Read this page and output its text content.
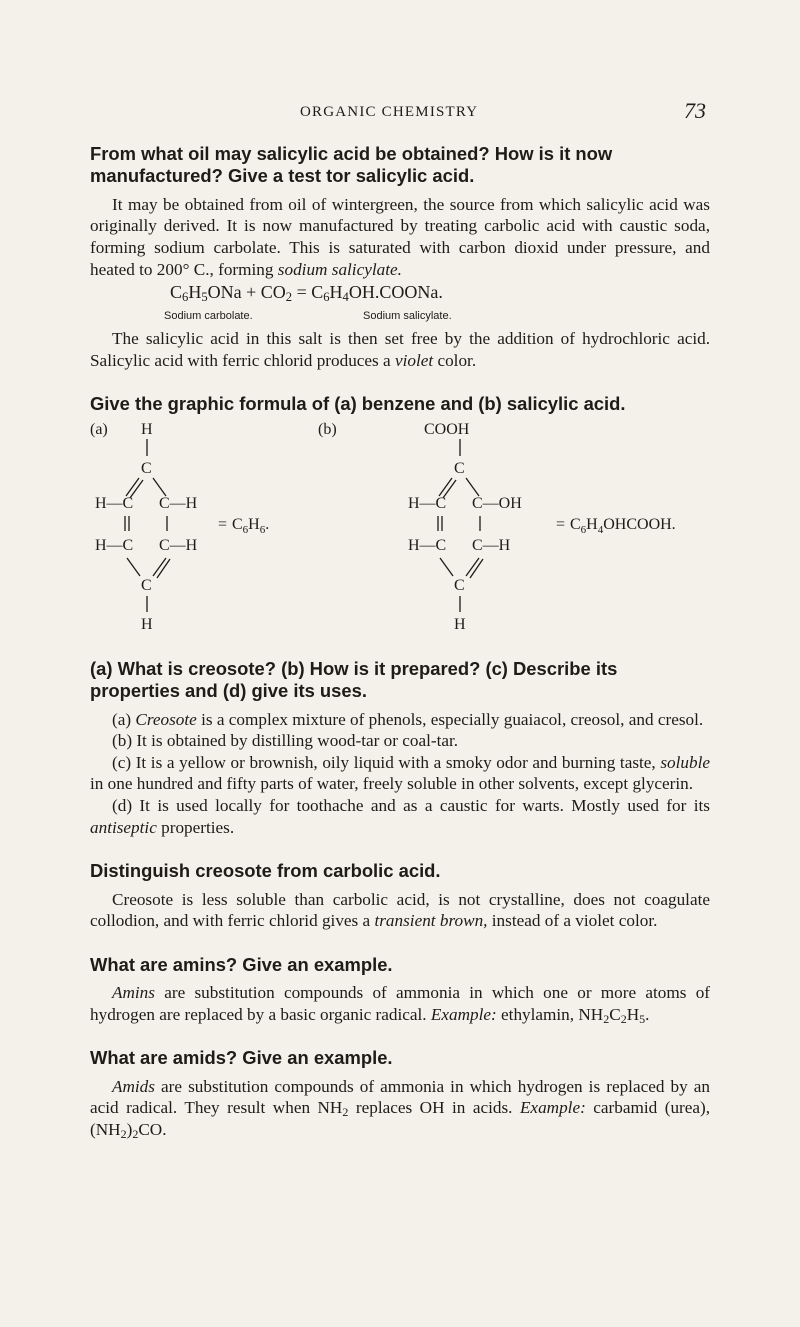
ORGANIC CHEMISTRY	73
From what oil may salicylic acid be obtained? How is it now manufactured? Give a test tor salicylic acid.

It may be obtained from oil of wintergreen, the source from which salicylic acid was originally derived. It is now manufactured by treating carbolic acid with caustic soda, forming sodium carbolate. This is saturated with carbon dioxid under pressure, and heated to 200° C., forming sodium salicylate.

$C_6H_5ONa + CO_2$ = $C_6H_4OH.COONa$.
Sodium carbolate.	Sodium salicylate.

The salicylic acid in this salt is then set free by the addition of hydrochloric acid. Salicylic acid with ferric chlorid produces a violet color.

Give the graphic formula of (a) benzene and (b) salicylic acid.
(a) H
C
H—C C—H
= $C_6H_6$.
H—C C—H
C
H
(b)	COOH
C
H—C C—OH
= $C_6H_4OHCOOH$.
H—C C—H
C
H
(a) What is creosote? (b) How is it prepared? (c) Describe its properties and (d) give its uses.

(a) Creosote is a complex mixture of phenols, especially guaiacol, creosol, and cresol.

(b) It is obtained by distilling wood-tar or coal-tar.

(c) It is a yellow or brownish, oily liquid with a smoky odor and burning taste, soluble in one hundred and fifty parts of water, freely soluble in other solvents, except glycerin.

(d) It is used locally for toothache and as a caustic for warts. Mostly used for its antiseptic properties.

Distinguish creosote from carbolic acid.

Creosote is less soluble than carbolic acid, is not crystalline, does not coagulate collodion, and with ferric chlorid gives a transient brown, instead of a violet color.

What are amins? Give an example.

Amins are substitution compounds of ammonia in which one or more atoms of hydrogen are replaced by a basic organic radical. Example: ethylamin, $NH_2C_2H_5$.

What are amids? Give an example.

Amids are substitution compounds of ammonia in which hydrogen is replaced by an acid radical. They result when $NH_2$ replaces OH in acids. Example: carbamid (urea), $(NH_2)_2CO$.
